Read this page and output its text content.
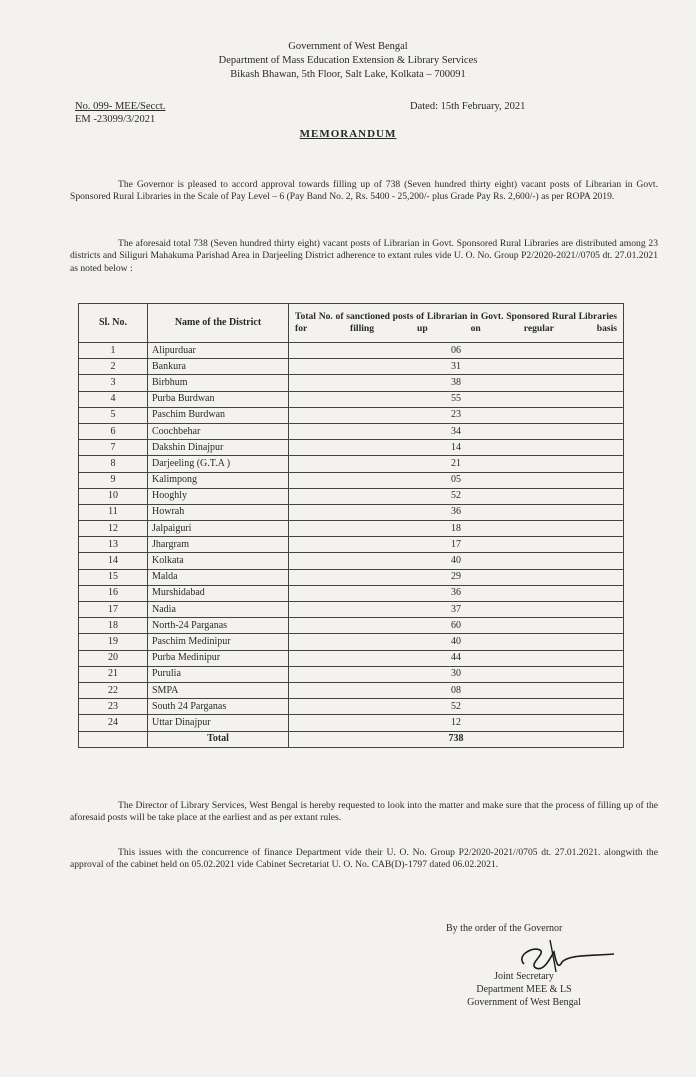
Government of West Bengal
Department of Mass Education Extension & Library Services
Bikash Bhawan, 5th Floor, Salt Lake, Kolkata – 700091
No. 099- MEE/Secct.
EM -23099/3/2021
Dated: 15th February, 2021
MEMORANDUM
The Governor is pleased to accord approval towards filling up of 738 (Seven hundred thirty eight) vacant posts of Librarian in Govt. Sponsored Rural Libraries in the Scale of Pay Level – 6 (Pay Band No. 2, Rs. 5400 - 25,200/- plus Grade Pay Rs. 2,600/-) as per ROPA 2019.
The aforesaid total 738 (Seven hundred thirty eight) vacant posts of Librarian in Govt. Sponsored Rural Libraries are distributed among 23 districts and Siliguri Mahakuma Parishad Area in Darjeeling District adherence to extant rules vide U. O. No. Group P2/2020-2021//0705 dt. 27.01.2021 as noted below :
Sl. No.	Name of the District	Total No. of sanctioned posts of Librarian in Govt. Sponsored Rural Libraries for filling up on regular basis
1	Alipurduar	06
2	Bankura	31
3	Birbhum	38
4	Purba Burdwan	55
5	Paschim Burdwan	23
6	Coochbehar	34
7	Dakshin Dinajpur	14
8	Darjeeling (G.T.A )	21
9	Kalimpong	05
10	Hooghly	52
11	Howrah	36
12	Jalpaiguri	18
13	Jhargram	17
14	Kolkata	40
15	Malda	29
16	Murshidabad	36
17	Nadia	37
18	North-24 Parganas	60
19	Paschim Medinipur	40
20	Purba Medinipur	44
21	Purulia	30
22	SMPA	08
23	South 24 Parganas	52
24	Uttar Dinajpur	12
	Total	738
The Director of Library Services, West Bengal is hereby requested to look into the matter and make sure that the process of filling up of the aforesaid posts will be take place at the earliest and as per extant rules.
This issues with the concurrence of finance Department vide their U. O. No. Group P2/2020-2021//0705 dt. 27.01.2021. alongwith the approval of the cabinet held on 05.02.2021 vide Cabinet Secretariat U. O. No. CAB(D)-1797 dated 06.02.2021.
By the order of the Governor
Joint Secretary
Department MEE & LS
Government of West Bengal
